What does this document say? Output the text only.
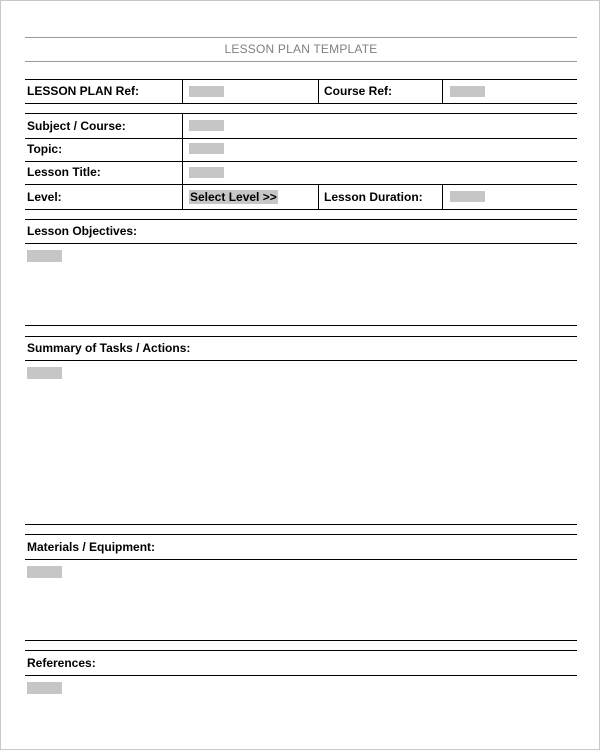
LESSON PLAN TEMPLATE
LESSON PLAN Ref:	Course Ref:
Subject / Course:
Topic:
Lesson Title:
Level:	Select Level >>	Lesson Duration:
Lesson Objectives:
Summary of Tasks / Actions:
Materials / Equipment:
References:
